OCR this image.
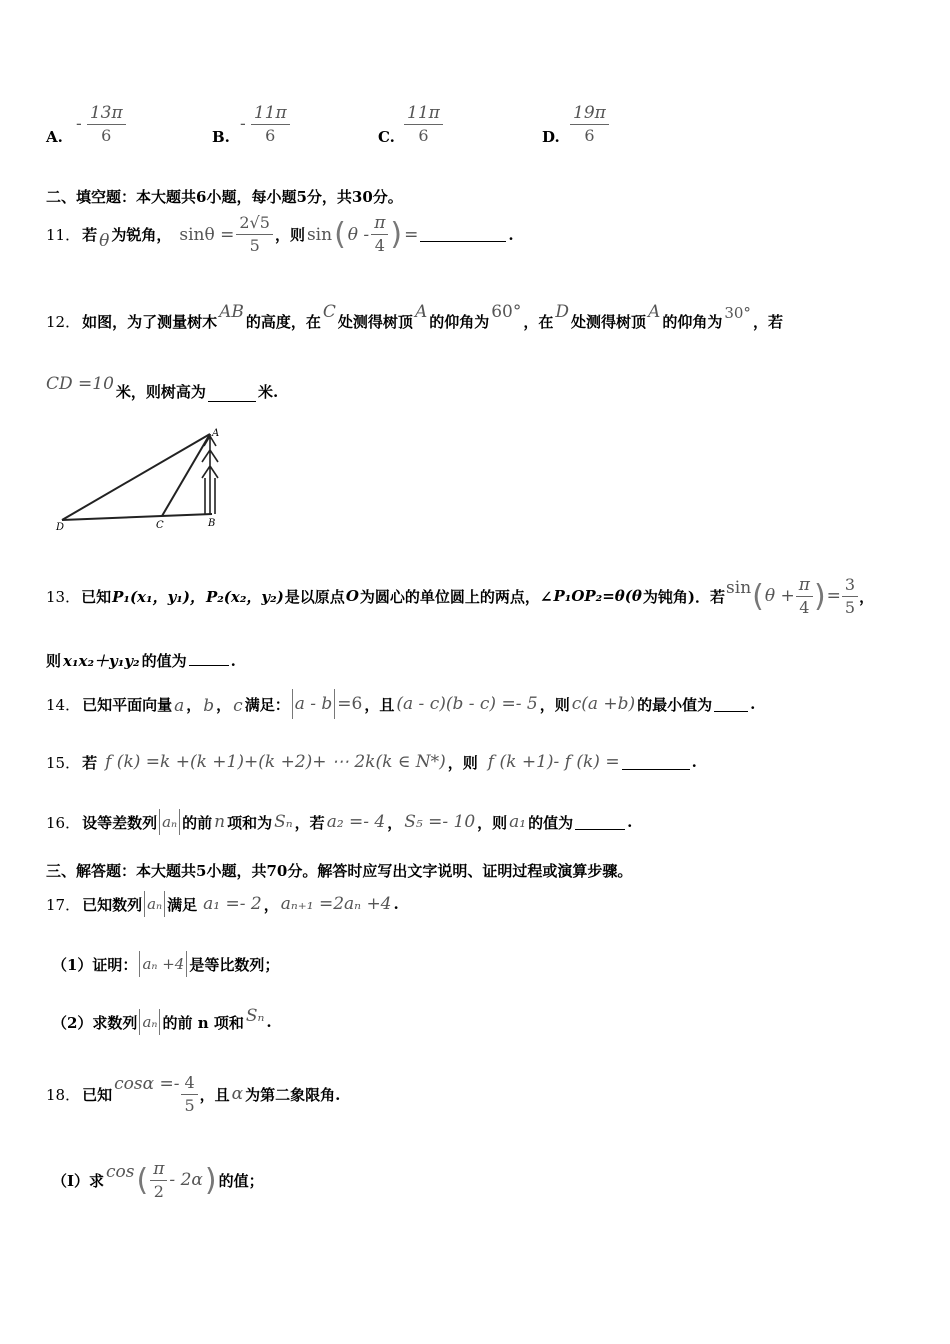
A.
- $\frac{13\pi}{6}$	B.
- $\frac{11\pi}{6}$	C. $\frac{11\pi}{6}$	D. $\frac{19\pi}{6}$
二、填空题：本大题共6小题，每小题5分，共30分。
11． 若 θ 为锐角， $\sin\theta = \frac{2√5}{5}$ ，则 sin ( θ - $\frac{\pi}{4}$ ) =	.
12． 如图，为了测量树木 AB 的高度，在 C 处测得树顶 A 的仰角为 60° ，在 D 处测得树顶 A 的仰角为 30° ，若
CD =10 米，则树高为	米.
A
B
C
D
13． 已知 P₁(x₁，y₁)， P₂(x₂，y₂) 是以原点 O 为圆心的单位圆上的两点，∠ P₁OP₂=θ(θ 为钝角)．若 sin ( $\theta + \frac{\pi}{4}$ ) = $\frac{3}{5}$ ，
则 x₁x₂＋y₁y₂ 的值为	.
14． 已知平面向量 a ， b ， c 满足： a - b =6 ，且 (a - c)(b - c) =- 5 ，则 c(a +b) 的最小值为	.
15． 若 f (k) =k +(k +1)+(k +2)+ ⋯ 2k(k ∈ N*) ，则 f (k +1)- f (k) =	.
16． 设等差数列 aₙ 的前 n 项和为 Sₙ ，若 a₂ =- 4 ， S₅ =- 10 ，则 a₁ 的值为	.
三、解答题：本大题共5小题，共70分。解答时应写出文字说明、证明过程或演算步骤。
17． 已知数列 aₙ 满足 a₁ =- 2 ， aₙ₊₁ =2aₙ +4 .
（1）证明： aₙ +4 是等比数列；
（2）求数列 aₙ 的前 n 项和 Sₙ .
18． 已知
$\cos\alpha =- \frac{4}{5}$ ，且 α 为第二象限角.
（Ⅰ）求 cos ( $\frac{\pi}{2} - 2\alpha$ ) 的值；
